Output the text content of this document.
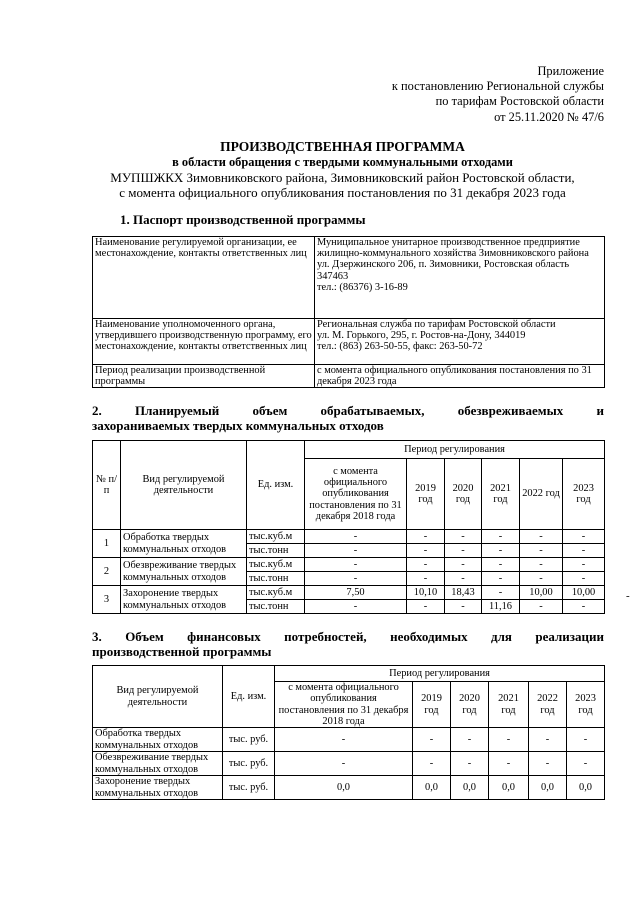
Приложение
к постановлению Региональной службы
по тарифам Ростовской области
от 25.11.2020 № 47/6
ПРОИЗВОДСТВЕННАЯ ПРОГРАММА
в области обращения с твердыми коммунальными отходами
МУПШЖКХ Зимовниковского района, Зимовниковский район Ростовской области,
с момента официального опубликования постановления по 31 декабря 2023 года
1. Паспорт производственной программы
Наименование регулируемой организации, ее местонахождение, контакты ответственных лиц	Муниципальное унитарное производственное предприятие жилищно-коммунального хозяйства Зимовниковского района
ул. Дзержинского 206, п. Зимовники, Ростовская область 347463
тел.: (86376) 3-16-89

Наименование уполномоченного органа, утвердившего производственную программу, его местонахождение, контакты ответственных лиц	Региональная служба по тарифам Ростовской области
ул. М. Горького, 295, г. Ростов-на-Дону, 344019
тел.: (863) 263-50-55, факс: 263-50-72

Период реализации производственной программы	с момента официального опубликования постановления по 31 декабря 2023 года
2. Планируемый объем обрабатываемых, обезвреживаемых и
захораниваемых твердых коммунальных отходов
№ п/п	Вид регулируемой деятельности	Ед. изм.	Период регулирования					
			с момента официального опубликования постановления по 31 декабря 2018 года	2019 год	2020 год	2021 год	2022 год	2023 год
1	Обработка твердых коммунальных отходов	тыс.куб.м	-	-	-	-	-	-
		тыс.тонн	-	-	-	-	-	-
2	Обезвреживание твердых коммунальных отходов	тыс.куб.м	-	-	-	-	-	-
		тыс.тонн	-	-	-	-	-	-
3	Захоронение твердых коммунальных отходов	тыс.куб.м	7,50	10,10	18,43	-	10,00	10,00
		тыс.тонн	-	-	-	11,16	-	-
3. Объем финансовых потребностей, необходимых для реализации
производственной программы
Вид регулируемой деятельности	Ед. изм.	Период регулирования					
		с момента официального опубликования постановления по 31 декабря 2018 года	2019 год	2020 год	2021 год	2022 год	2023 год
Обработка твердых коммунальных отходов	тыс. руб.	-	-	-	-	-	-
Обезвреживание твердых коммунальных отходов	тыс. руб.	-	-	-	-	-	-
Захоронение твердых коммунальных отходов	тыс. руб.	0,0	0,0	0,0	0,0	0,0	0,0
-
